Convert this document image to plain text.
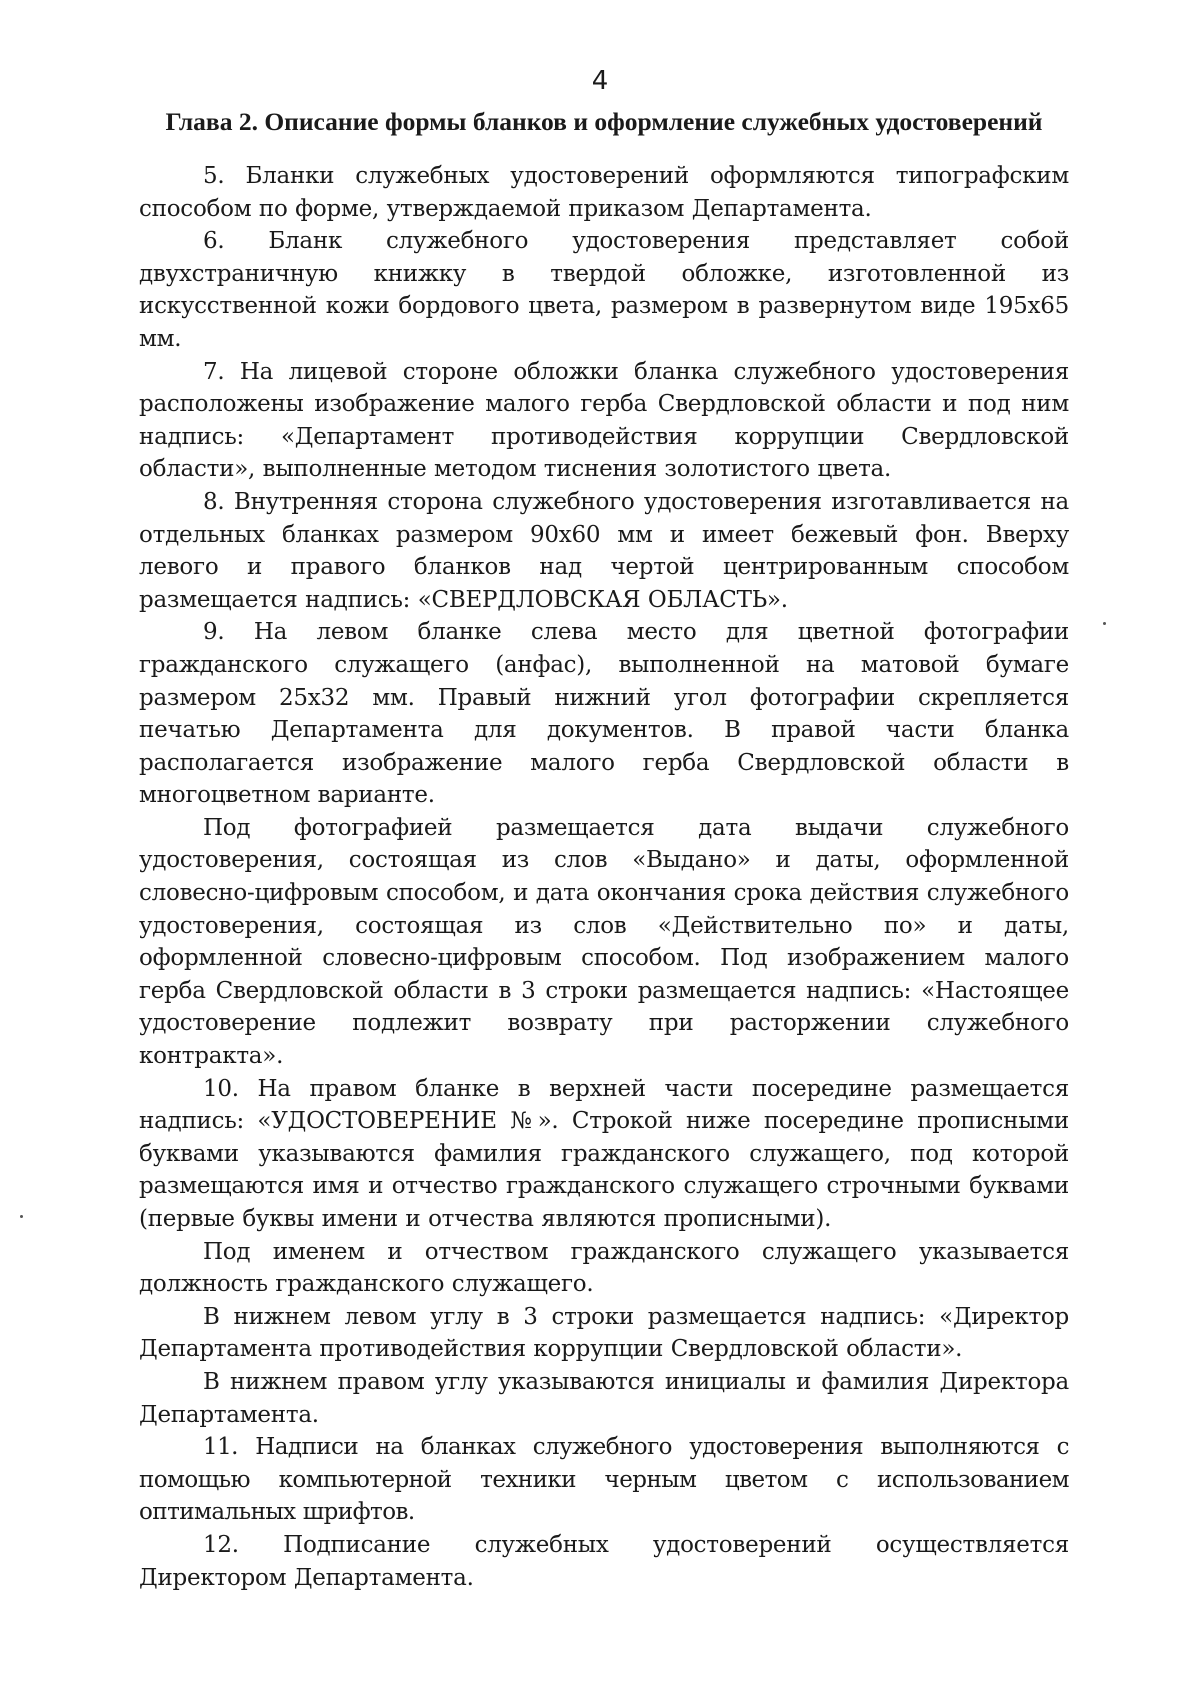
4
Глава 2. Описание формы бланков и оформление служебных удостоверений

5. Бланки служебных удостоверений оформляются типографским способом по форме, утверждаемой приказом Департамента.

6. Бланк служебного удостоверения представляет собой двухстраничную книжку в твердой обложке, изготовленной из искусственной кожи бордового цвета, размером в развернутом виде 195х65 мм.

7. На лицевой стороне обложки бланка служебного удостоверения расположены изображение малого герба Свердловской области и под ним надпись: «Департамент противодействия коррупции Свердловской области», выполненные методом тиснения золотистого цвета.

8. Внутренняя сторона служебного удостоверения изготавливается на отдельных бланках размером 90х60 мм и имеет бежевый фон. Вверху левого и правого бланков над чертой центрированным способом размещается надпись: «СВЕРДЛОВСКАЯ ОБЛАСТЬ».

9. На левом бланке слева место для цветной фотографии гражданского служащего (анфас), выполненной на матовой бумаге размером 25х32 мм. Правый нижний угол фотографии скрепляется печатью Департамента для документов. В правой части бланка располагается изображение малого герба Свердловской области в многоцветном варианте.

Под фотографией размещается дата выдачи служебного удостоверения, состоящая из слов «Выдано» и даты, оформленной словесно-цифровым способом, и дата окончания срока действия служебного удостоверения, состоящая из слов «Действительно по» и даты, оформленной словесно-цифровым способом. Под изображением малого герба Свердловской области в 3 строки размещается надпись: «Настоящее удостоверение подлежит возврату при расторжении служебного контракта».

10. На правом бланке в верхней части посередине размещается надпись: «УДОСТОВЕРЕНИЕ №». Строкой ниже посередине прописными буквами указываются фамилия гражданского служащего, под которой размещаются имя и отчество гражданского служащего строчными буквами (первые буквы имени и отчества являются прописными).

Под именем и отчеством гражданского служащего указывается должность гражданского служащего.

В нижнем левом углу в 3 строки размещается надпись: «Директор Департамента противодействия коррупции Свердловской области».

В нижнем правом углу указываются инициалы и фамилия Директора Департамента.

11. Надписи на бланках служебного удостоверения выполняются с помощью компьютерной техники черным цветом с использованием оптимальных шрифтов.

12. Подписание служебных удостоверений осуществляется Директором Департамента.
